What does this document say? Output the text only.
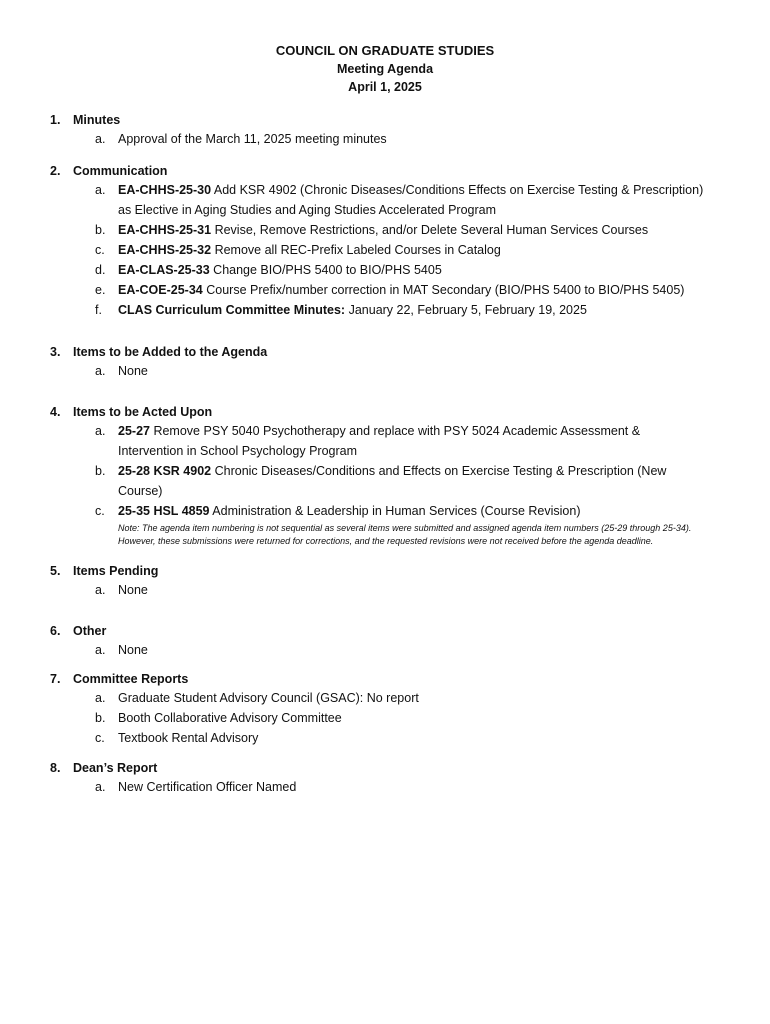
COUNCIL ON GRADUATE STUDIES
Meeting Agenda
April 1, 2025
1. Minutes
a. Approval of the March 11, 2025 meeting minutes
2. Communication
a. EA-CHHS-25-30 Add KSR 4902 (Chronic Diseases/Conditions Effects on Exercise Testing & Prescription) as Elective in Aging Studies and Aging Studies Accelerated Program
b. EA-CHHS-25-31 Revise, Remove Restrictions, and/or Delete Several Human Services Courses
c. EA-CHHS-25-32 Remove all REC-Prefix Labeled Courses in Catalog
d. EA-CLAS-25-33 Change BIO/PHS 5400 to BIO/PHS 5405
e. EA-COE-25-34 Course Prefix/number correction in MAT Secondary (BIO/PHS 5400 to BIO/PHS 5405)
f. CLAS Curriculum Committee Minutes: January 22, February 5, February 19, 2025
3. Items to be Added to the Agenda
a. None
4. Items to be Acted Upon
a. 25-27 Remove PSY 5040 Psychotherapy and replace with PSY 5024 Academic Assessment & Intervention in School Psychology Program
b. 25-28 KSR 4902 Chronic Diseases/Conditions and Effects on Exercise Testing & Prescription (New Course)
c. 25-35 HSL 4859 Administration & Leadership in Human Services (Course Revision)
Note: The agenda item numbering is not sequential as several items were submitted and assigned agenda item numbers (25-29 through 25-34). However, these submissions were returned for corrections, and the requested revisions were not received before the agenda deadline.
5. Items Pending
a. None
6. Other
a. None
7. Committee Reports
a. Graduate Student Advisory Council (GSAC): No report
b. Booth Collaborative Advisory Committee
c. Textbook Rental Advisory
8. Dean’s Report
a. New Certification Officer Named
